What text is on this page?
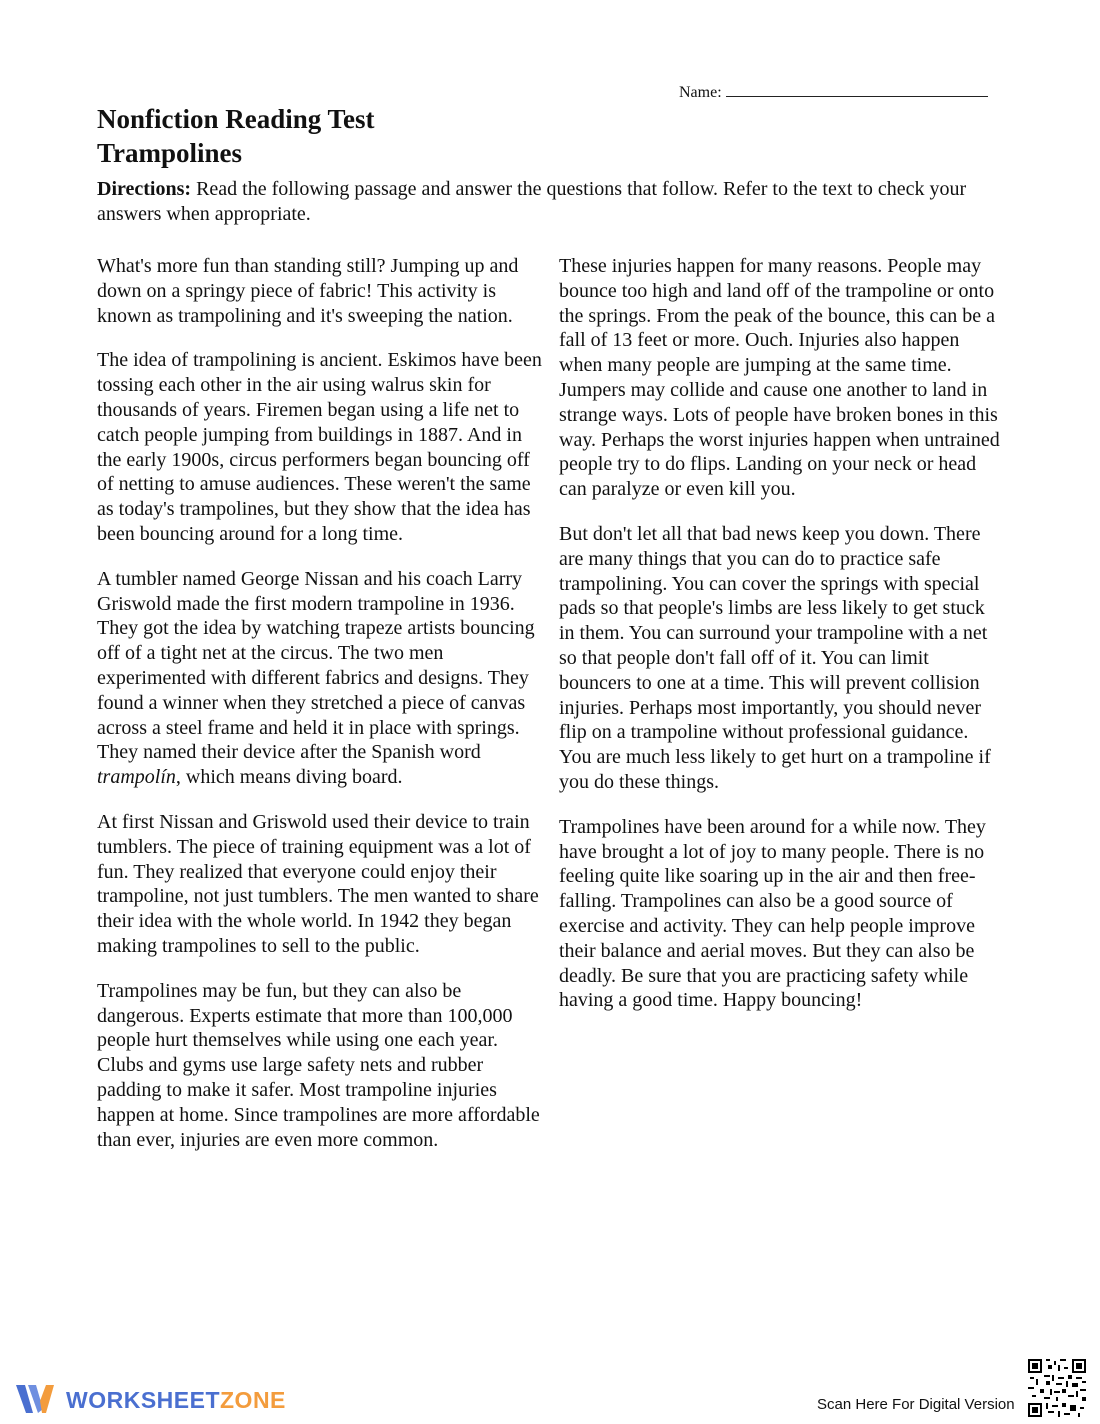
Name:
Nonfiction Reading Test
Trampolines

Directions: Read the following passage and answer the questions that follow. Refer to the text to check your answers when appropriate.

What's more fun than standing still? Jumping up and down on a springy piece of fabric! This activity is known as trampolining and it's sweeping the nation.

The idea of trampolining is ancient. Eskimos have been tossing each other in the air using walrus skin for thousands of years. Firemen began using a life net to catch people jumping from buildings in 1887. And in the early 1900s, circus performers began bouncing off of netting to amuse audiences. These weren't the same as today's trampolines, but they show that the idea has been bouncing around for a long time.

A tumbler named George Nissan and his coach Larry Griswold made the first modern trampoline in 1936. They got the idea by watching trapeze artists bouncing off of a tight net at the circus. The two men experimented with different fabrics and designs. They found a winner when they stretched a piece of canvas across a steel frame and held it in place with springs. They named their device after the Spanish word trampolín, which means diving board.

At first Nissan and Griswold used their device to train tumblers. The piece of training equipment was a lot of fun. They realized that everyone could enjoy their trampoline, not just tumblers. The men wanted to share their idea with the whole world. In 1942 they began making trampolines to sell to the public.

Trampolines may be fun, but they can also be dangerous. Experts estimate that more than 100,000 people hurt themselves while using one each year. Clubs and gyms use large safety nets and rubber padding to make it safer. Most trampoline injuries happen at home. Since trampolines are more affordable than ever, injuries are even more common.

These injuries happen for many reasons. People may bounce too high and land off of the trampoline or onto the springs. From the peak of the bounce, this can be a fall of 13 feet or more. Ouch. Injuries also happen when many people are jumping at the same time. Jumpers may collide and cause one another to land in strange ways. Lots of people have broken bones in this way. Perhaps the worst injuries happen when untrained people try to do flips. Landing on your neck or head can paralyze or even kill you.

But don't let all that bad news keep you down. There are many things that you can do to practice safe trampolining. You can cover the springs with special pads so that people's limbs are less likely to get stuck in them. You can surround your trampoline with a net so that people don't fall off of it. You can limit bouncers to one at a time. This will prevent collision injuries. Perhaps most importantly, you should never flip on a trampoline without professional guidance. You are much less likely to get hurt on a trampoline if you do these things.

Trampolines have been around for a while now. They have brought a lot of joy to many people. There is no feeling quite like soaring up in the air and then free-falling. Trampolines can also be a good source of exercise and activity. They can help people improve their balance and aerial moves. But they can also be deadly. Be sure that you are practicing safety while having a good time. Happy bouncing!

WORKSHEETZONE	Scan Here For Digital Version
